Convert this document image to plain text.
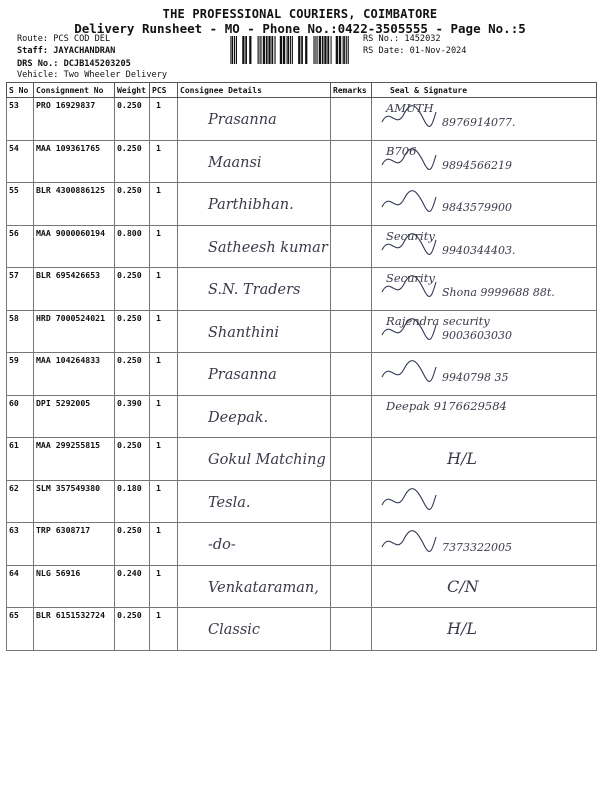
THE PROFESSIONAL COURIERS, COIMBATORE
Delivery Runsheet - MO - Phone No.:0422-3505555 - Page No.:5
Route: PCS COD DEL
Staff: JAYACHANDRAN
DRS No.: DCJB145203205
Vehicle: Two Wheeler Delivery
RS No.: 1452032
RS Date: 01-Nov-2024
S No	Consignment No	Weight	PCS	Consignee Details	Remarks	Seal & Signature
53	PRO 16929837	0.250	1	Prasanna		AMUTH
8976914077.

54	MAA 109361765	0.250	1	Maansi		B706
9894566219

55	BLR 4300886125	0.250	1	Parthibhan.		9843579900

56	MAA 9000060194	0.800	1	Satheesh kumar		Security
9940344403.

57	BLR 695426653	0.250	1	S.N. Traders		Security
Shona 9999688 88t.

58	HRD 7000524021	0.250	1	Shanthini		Rajendra security
9003603030

59	MAA 104264833	0.250	1	Prasanna		9940798 35

60	DPI 5292005	0.390	1	Deepak.		Deepak 9176629584

61	MAA 299255815	0.250	1	Gokul Matching		H/L

62	SLM 357549380	0.180	1	Tesla.

63	TRP 6308717	0.250	1	-do-		7373322005

64	NLG 56916	0.240	1	Venkataraman,		C/N

65	BLR 6151532724	0.250	1	Classic		H/L
